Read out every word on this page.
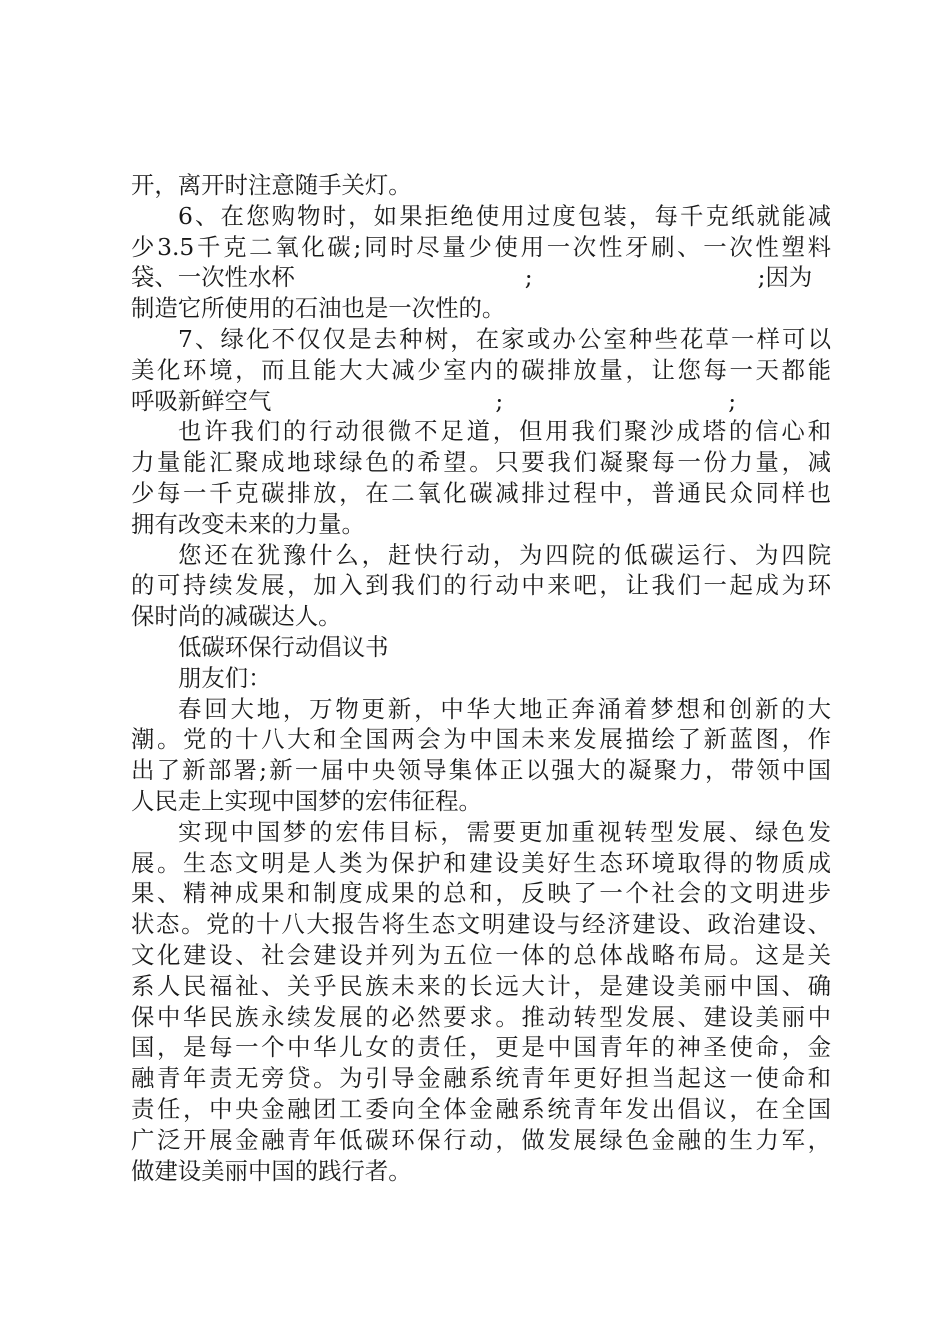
开，离开时注意随手关灯。
6、在您购物时，如果拒绝使用过度包装，每千克纸就能减
少3.5千克二氧化碳;同时尽量少使用一次性牙刷、一次性塑料
袋、一次性水杯	;	;因为
制造它所使用的石油也是一次性的。
7、绿化不仅仅是去种树，在家或办公室种些花草一样可以
美化环境，而且能大大减少室内的碳排放量，让您每一天都能
呼吸新鲜空气	;	;
也许我们的行动很微不足道，但用我们聚沙成塔的信心和
力量能汇聚成地球绿色的希望。只要我们凝聚每一份力量，减
少每一千克碳排放，在二氧化碳减排过程中，普通民众同样也
拥有改变未来的力量。
您还在犹豫什么，赶快行动，为四院的低碳运行、为四院
的可持续发展，加入到我们的行动中来吧，让我们一起成为环
保时尚的减碳达人。
低碳环保行动倡议书
朋友们：
春回大地，万物更新，中华大地正奔涌着梦想和创新的大
潮。党的十八大和全国两会为中国未来发展描绘了新蓝图，作
出了新部署;新一届中央领导集体正以强大的凝聚力，带领中国
人民走上实现中国梦的宏伟征程。
实现中国梦的宏伟目标，需要更加重视转型发展、绿色发
展。生态文明是人类为保护和建设美好生态环境取得的物质成
果、精神成果和制度成果的总和，反映了一个社会的文明进步
状态。党的十八大报告将生态文明建设与经济建设、政治建设、
文化建设、社会建设并列为五位一体的总体战略布局。这是关
系人民福祉、关乎民族未来的长远大计，是建设美丽中国、确
保中华民族永续发展的必然要求。推动转型发展、建设美丽中
国，是每一个中华儿女的责任，更是中国青年的神圣使命，金
融青年责无旁贷。为引导金融系统青年更好担当起这一使命和
责任，中央金融团工委向全体金融系统青年发出倡议，在全国
广泛开展金融青年低碳环保行动，做发展绿色金融的生力军，
做建设美丽中国的践行者。
